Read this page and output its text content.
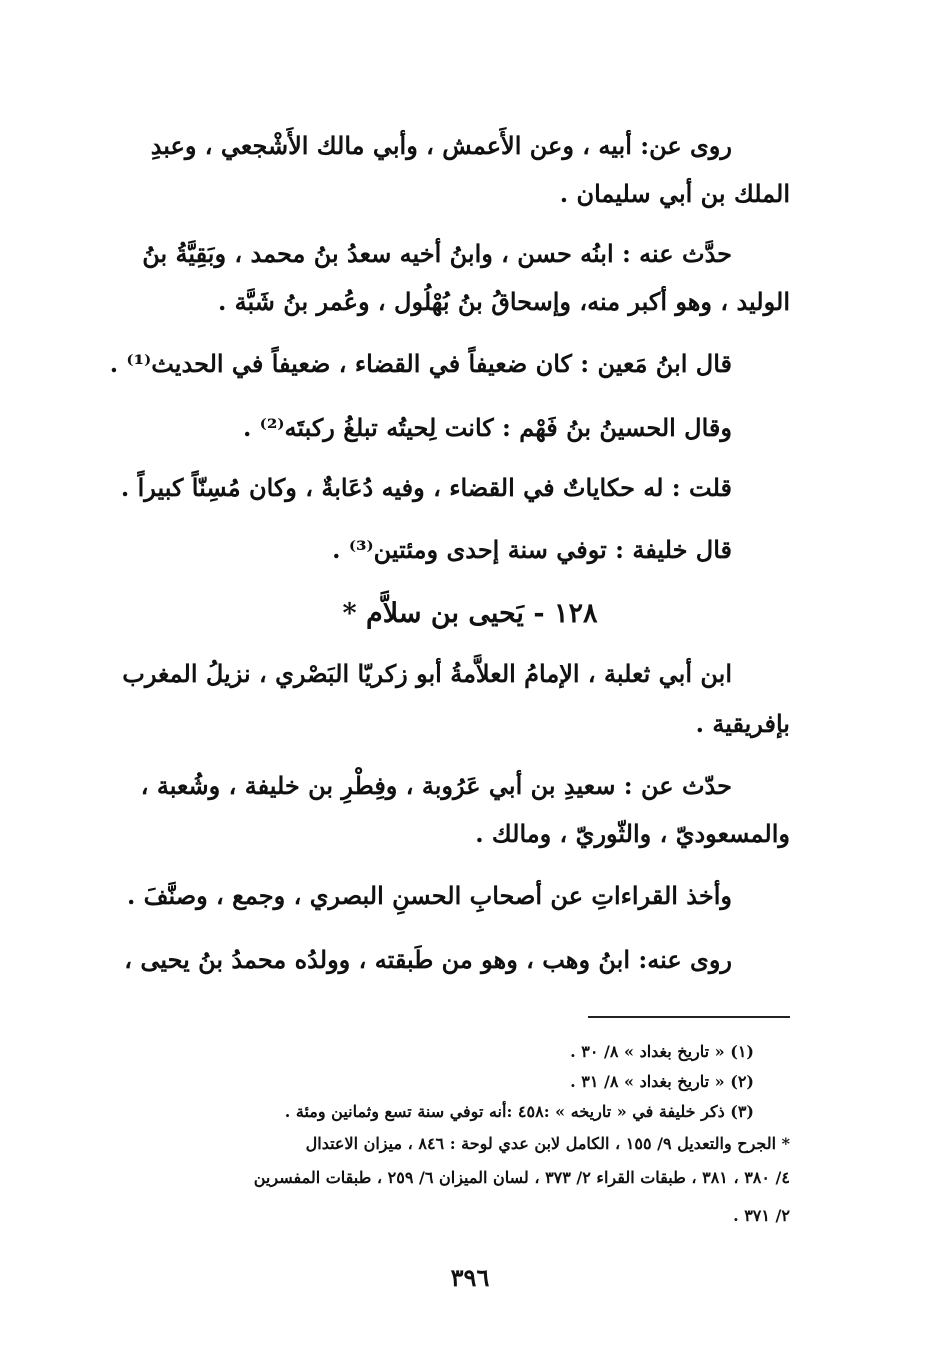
روى عن: أبيه ، وعن الأَعمش ، وأبي مالك الأَشْجعي ، وعبدِ
الملك بن أبي سليمان .
حدَّث عنه : ابنُه حسن ، وابنُ أخيه سعدُ بنُ محمد ، وبَقِيَّةُ بنُ
الوليد ، وهو أكبر منه، وإسحاقُ بنُ بُهْلُول ، وعُمر بنُ شَبَّة .
قال ابنُ مَعين : كان ضعيفاً في القضاء ، ضعيفاً في الحديث⁽¹⁾ .
وقال الحسينُ بنُ فَهْم : كانت لِحيتُه تبلغُ ركبتَه⁽²⁾ .
قلت : له حكاياتٌ في القضاء ، وفيه دُعَابةٌ ، وكان مُسِنّاً كبيراً .
قال خليفة : توفي سنة إحدى ومئتين⁽³⁾ .
١٢٨ - يَحيى بن سلاَّم *
ابن أبي ثعلبة ، الإمامُ العلاَّمةُ أبو زكريّا البَصْري ، نزيلُ المغرب
بإفريقية .
حدّث عن : سعيدِ بن أبي عَرُوبة ، وفِطْرِ بن خليفة ، وشُعبة ،
والمسعوديّ ، والثّوريّ ، ومالك .
وأخذ القراءاتِ عن أصحابِ الحسنِ البصري ، وجمع ، وصنَّفَ .
روى عنه: ابنُ وهب ، وهو من طَبقته ، وولدُه محمدُ بنُ يحيى ،
(١) « تاريخ بغداد » ٨/ ٣٠ .
(٢) « تاريخ بغداد » ٨/ ٣١ .
(٣) ذكر خليفة في « تاريخه » :٤٥٨ :أنه توفي سنة تسع وثمانين ومئة .
* الجرح والتعديل ٩/ ١٥٥ ، الكامل لابن عدي لوحة : ٨٤٦ ، ميزان الاعتدال
٤/ ٣٨٠ ، ٣٨١ ، طبقات القراء ٢/ ٣٧٣ ، لسان الميزان ٦/ ٢٥٩ ، طبقات المفسرين
٢/ ٣٧١ .
٣٩٦
